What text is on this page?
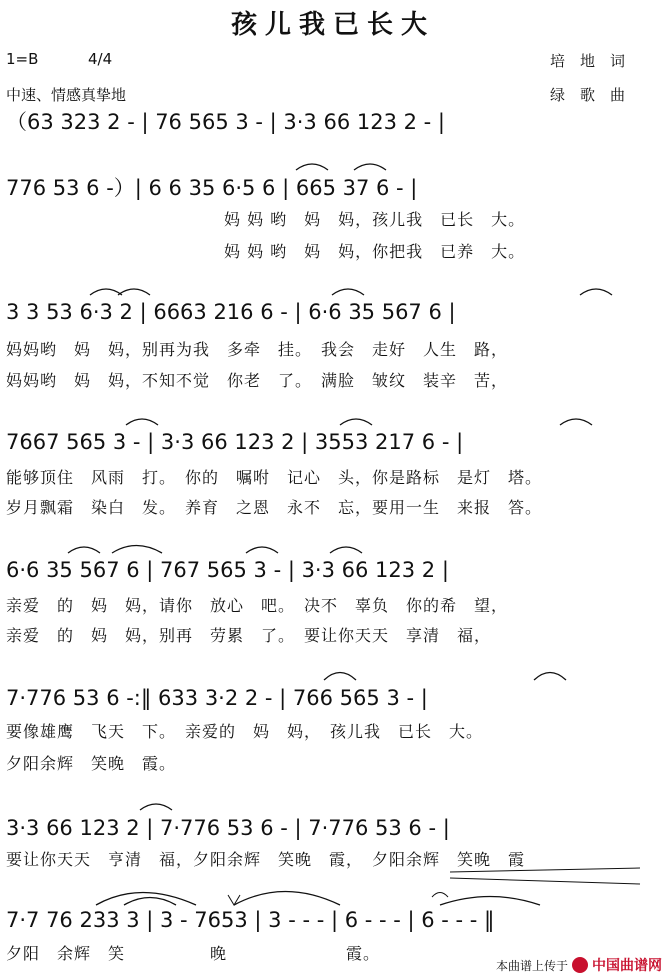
孩儿我已长大
1=B	4/4
中速、情感真挚地
培　地　词
绿　歌　曲
（63 323 2 - | 76 565 3 - | 3·3 66 123 2 - |
776 53 6 -）| 6 6 35 6·5 6 | 665 37 6 - |
妈 妈 哟　妈　妈，孩儿我　已长　大。
妈 妈 哟　妈　妈，你把我　已养　大。
3 3 53 6·3 2 | 6663 216 6 - | 6·6 35 567 6 |
妈妈哟　妈　妈，别再为我　多牵　挂。　我会　走好　人生　路，
妈妈哟　妈　妈，不知不觉　你老　了。　满脸　皱纹　装辛　苦，
7667 565 3 - | 3·3 66 123 2 | 3553 217 6 - |
能够顶住　风雨　打。　你的　嘱咐　记心　头，你是路标　是灯　塔。
岁月飘霜　染白　发。　养育　之恩　永不　忘，要用一生　来报　答。
6·6 35 567 6 | 767 565 3 - | 3·3 66 123 2 |
亲爱　的　妈　妈，请你　放心　吧。　决不　辜负　你的希　望，
亲爱　的　妈　妈，别再　劳累　了。　要让你天天　享清　福，
7·776 53 6 -:‖ 633 3·2 2 - | 766 565 3 - |
要像雄鹰　飞天　下。　亲爱的　妈　妈，　孩儿我　已长　大。
夕阳余辉　笑晚　霞。
3·3 66 123 2 | 7·776 53 6 - | 7·776 53 6 - |
要让你天天　亨清　福，夕阳余辉　笑晚　霞，　夕阳余辉　笑晚　霞
7·7 76 233 3 | 3 - 7653 | 3 - - - | 6 - - - | 6 - - - ‖
夕阳　余辉　笑　　　　　晚　　　　　　　霞。
本曲谱上传于 中国曲谱网
